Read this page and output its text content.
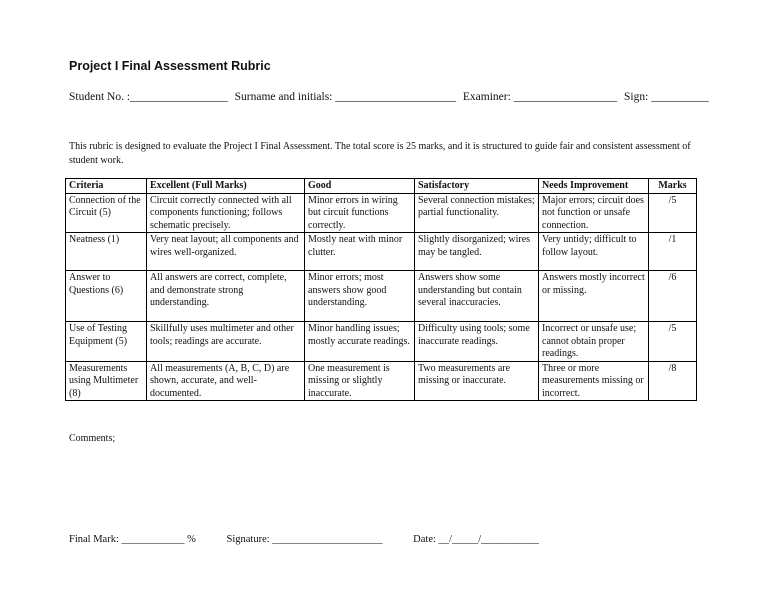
Project I Final Assessment Rubric
Student No. :_________________ Surname and initials: _____________________ Examiner: __________________ Sign: __________
This rubric is designed to evaluate the Project I Final Assessment. The total score is 25 marks, and it is structured to guide fair and consistent assessment of student work.
Criteria	Excellent (Full Marks)	Good	Satisfactory	Needs Improvement	Marks
Connection of the Circuit (5)	Circuit correctly connected with all components functioning; follows schematic precisely.	Minor errors in wiring but circuit functions correctly.	Several connection mistakes; partial functionality.	Major errors; circuit does not function or unsafe connection.	/5
Neatness (1)	Very neat layout; all components and wires well-organized.	Mostly neat with minor clutter.	Slightly disorganized; wires may be tangled.	Very untidy; difficult to follow layout.	/1
Answer to Questions (6)	All answers are correct, complete, and demonstrate strong understanding.	Minor errors; most answers show good understanding.	Answers show some understanding but contain several inaccuracies.	Answers mostly incorrect or missing.	/6
Use of Testing Equipment (5)	Skillfully uses multimeter and other tools; readings are accurate.	Minor handling issues; mostly accurate readings.	Difficulty using tools; some inaccurate readings.	Incorrect or unsafe use; cannot obtain proper readings.	/5
Measurements using Multimeter (8)	All measurements (A, B, C, D) are shown, accurate, and well-documented.	One measurement is missing or slightly inaccurate.	Two measurements are missing or inaccurate.	Three or more measurements missing or incorrect.	/8
Comments;
Final Mark: ____________ %	Signature: _____________________	Date: __/_____/___________
